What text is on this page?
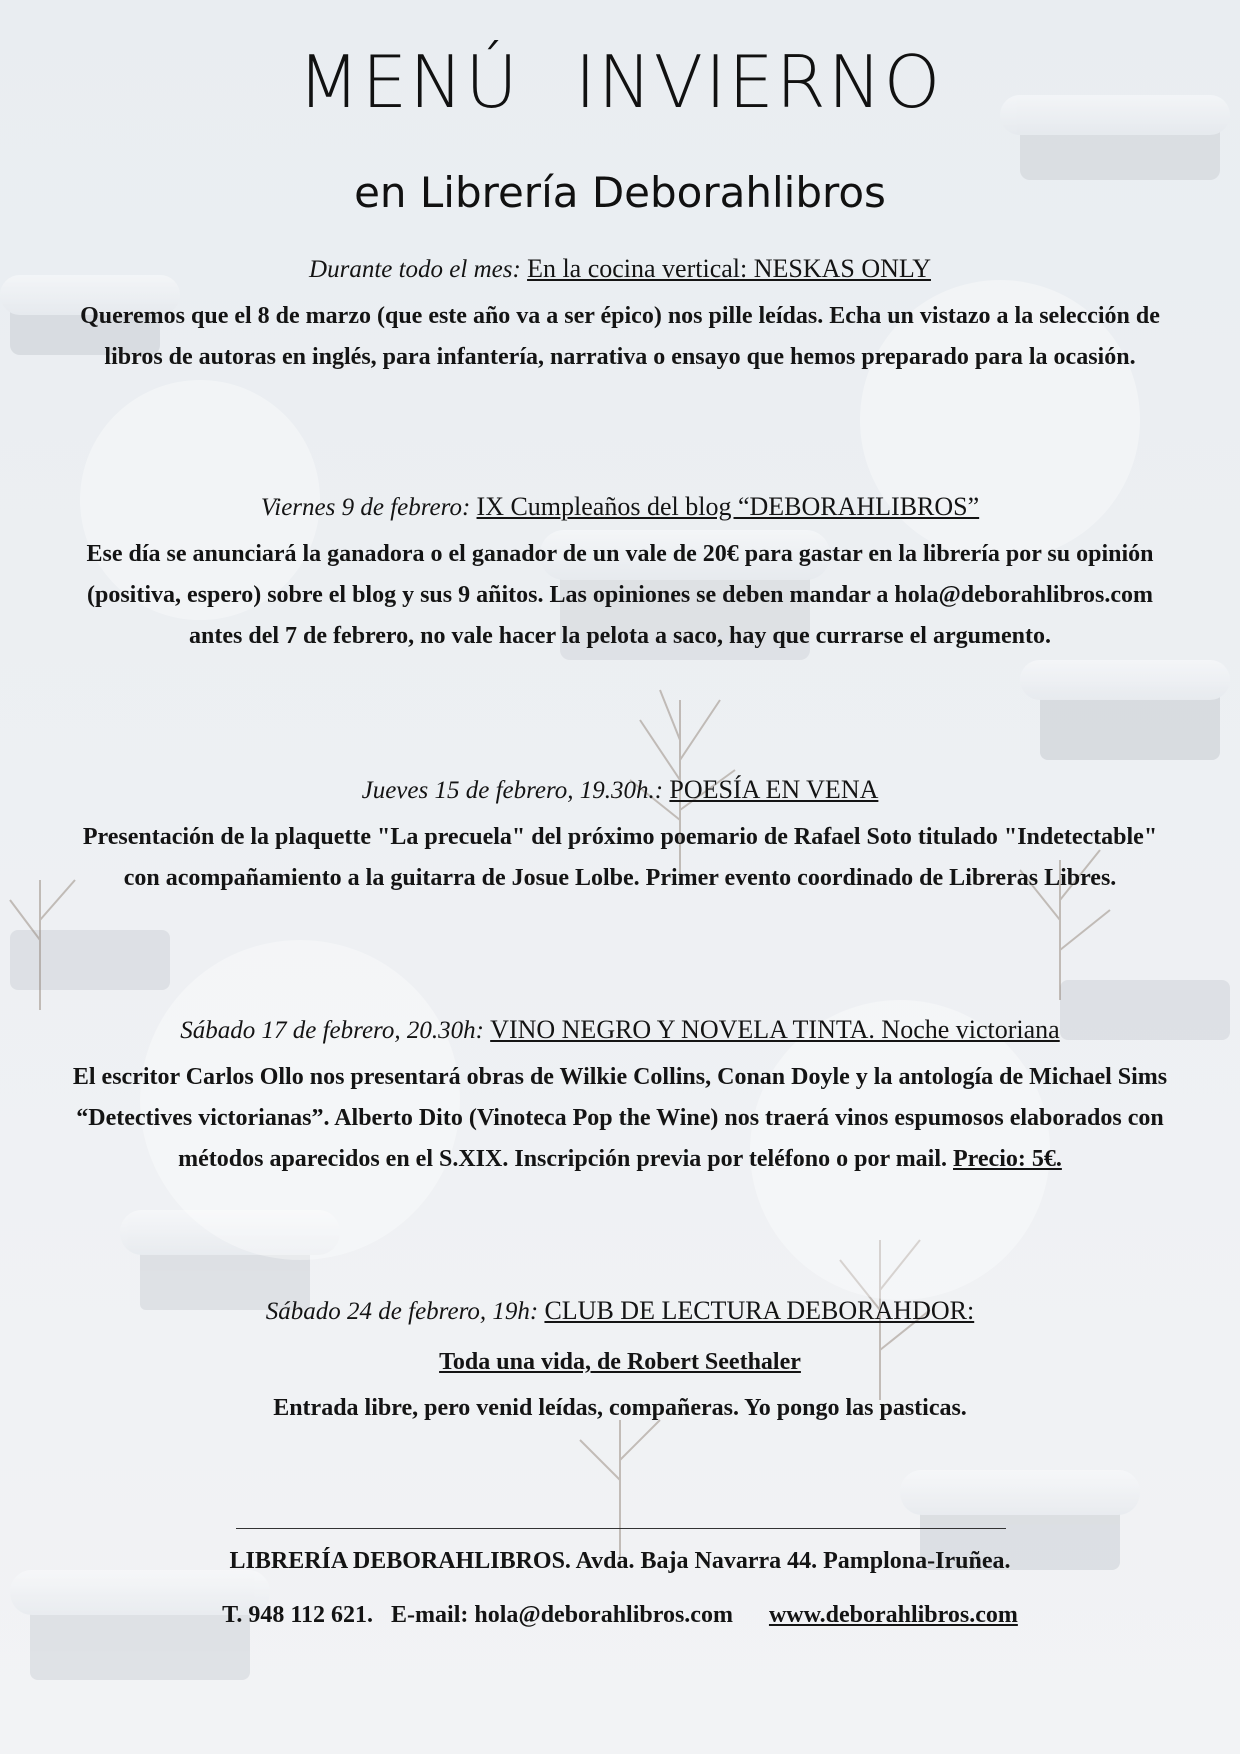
MENÚ INVIERNO
en Librería Deborahlibros
Durante todo el mes: En la cocina vertical: NESKAS ONLY
Queremos que el 8 de marzo (que este año va a ser épico) nos pille leídas. Echa un vistazo a la selección de libros de autoras en inglés, para infantería, narrativa o ensayo que hemos preparado para la ocasión.
Viernes 9 de febrero: IX Cumpleaños del blog “DEBORAHLIBROS”
Ese día se anunciará la ganadora o el ganador de un vale de 20€ para gastar en la librería por su opinión (positiva, espero) sobre el blog y sus 9 añitos. Las opiniones se deben mandar a hola@deborahlibros.com antes del 7 de febrero, no vale hacer la pelota a saco, hay que currarse el argumento.
Jueves 15 de febrero, 19.30h.: POESÍA EN VENA
Presentación de la plaquette "La precuela" del próximo poemario de Rafael Soto titulado "Indetectable" con acompañamiento a la guitarra de Josue Lolbe. Primer evento coordinado de Libreras Libres.
Sábado 17 de febrero, 20.30h: VINO NEGRO Y NOVELA TINTA. Noche victoriana
El escritor Carlos Ollo nos presentará obras de Wilkie Collins, Conan Doyle y la antología de Michael Sims “Detectives victorianas”. Alberto Dito (Vinoteca Pop the Wine) nos traerá vinos espumosos elaborados con métodos aparecidos en el S.XIX. Inscripción previa por teléfono o por mail. Precio: 5€.
Sábado 24 de febrero, 19h: CLUB DE LECTURA DEBORAHDOR:
Toda una vida, de Robert Seethaler
Entrada libre, pero venid leídas, compañeras. Yo pongo las pasticas.
LIBRERÍA DEBORAHLIBROS. Avda. Baja Navarra 44. Pamplona-Iruñea.
T. 948 112 621. E-mail: hola@deborahlibros.com www.deborahlibros.com
